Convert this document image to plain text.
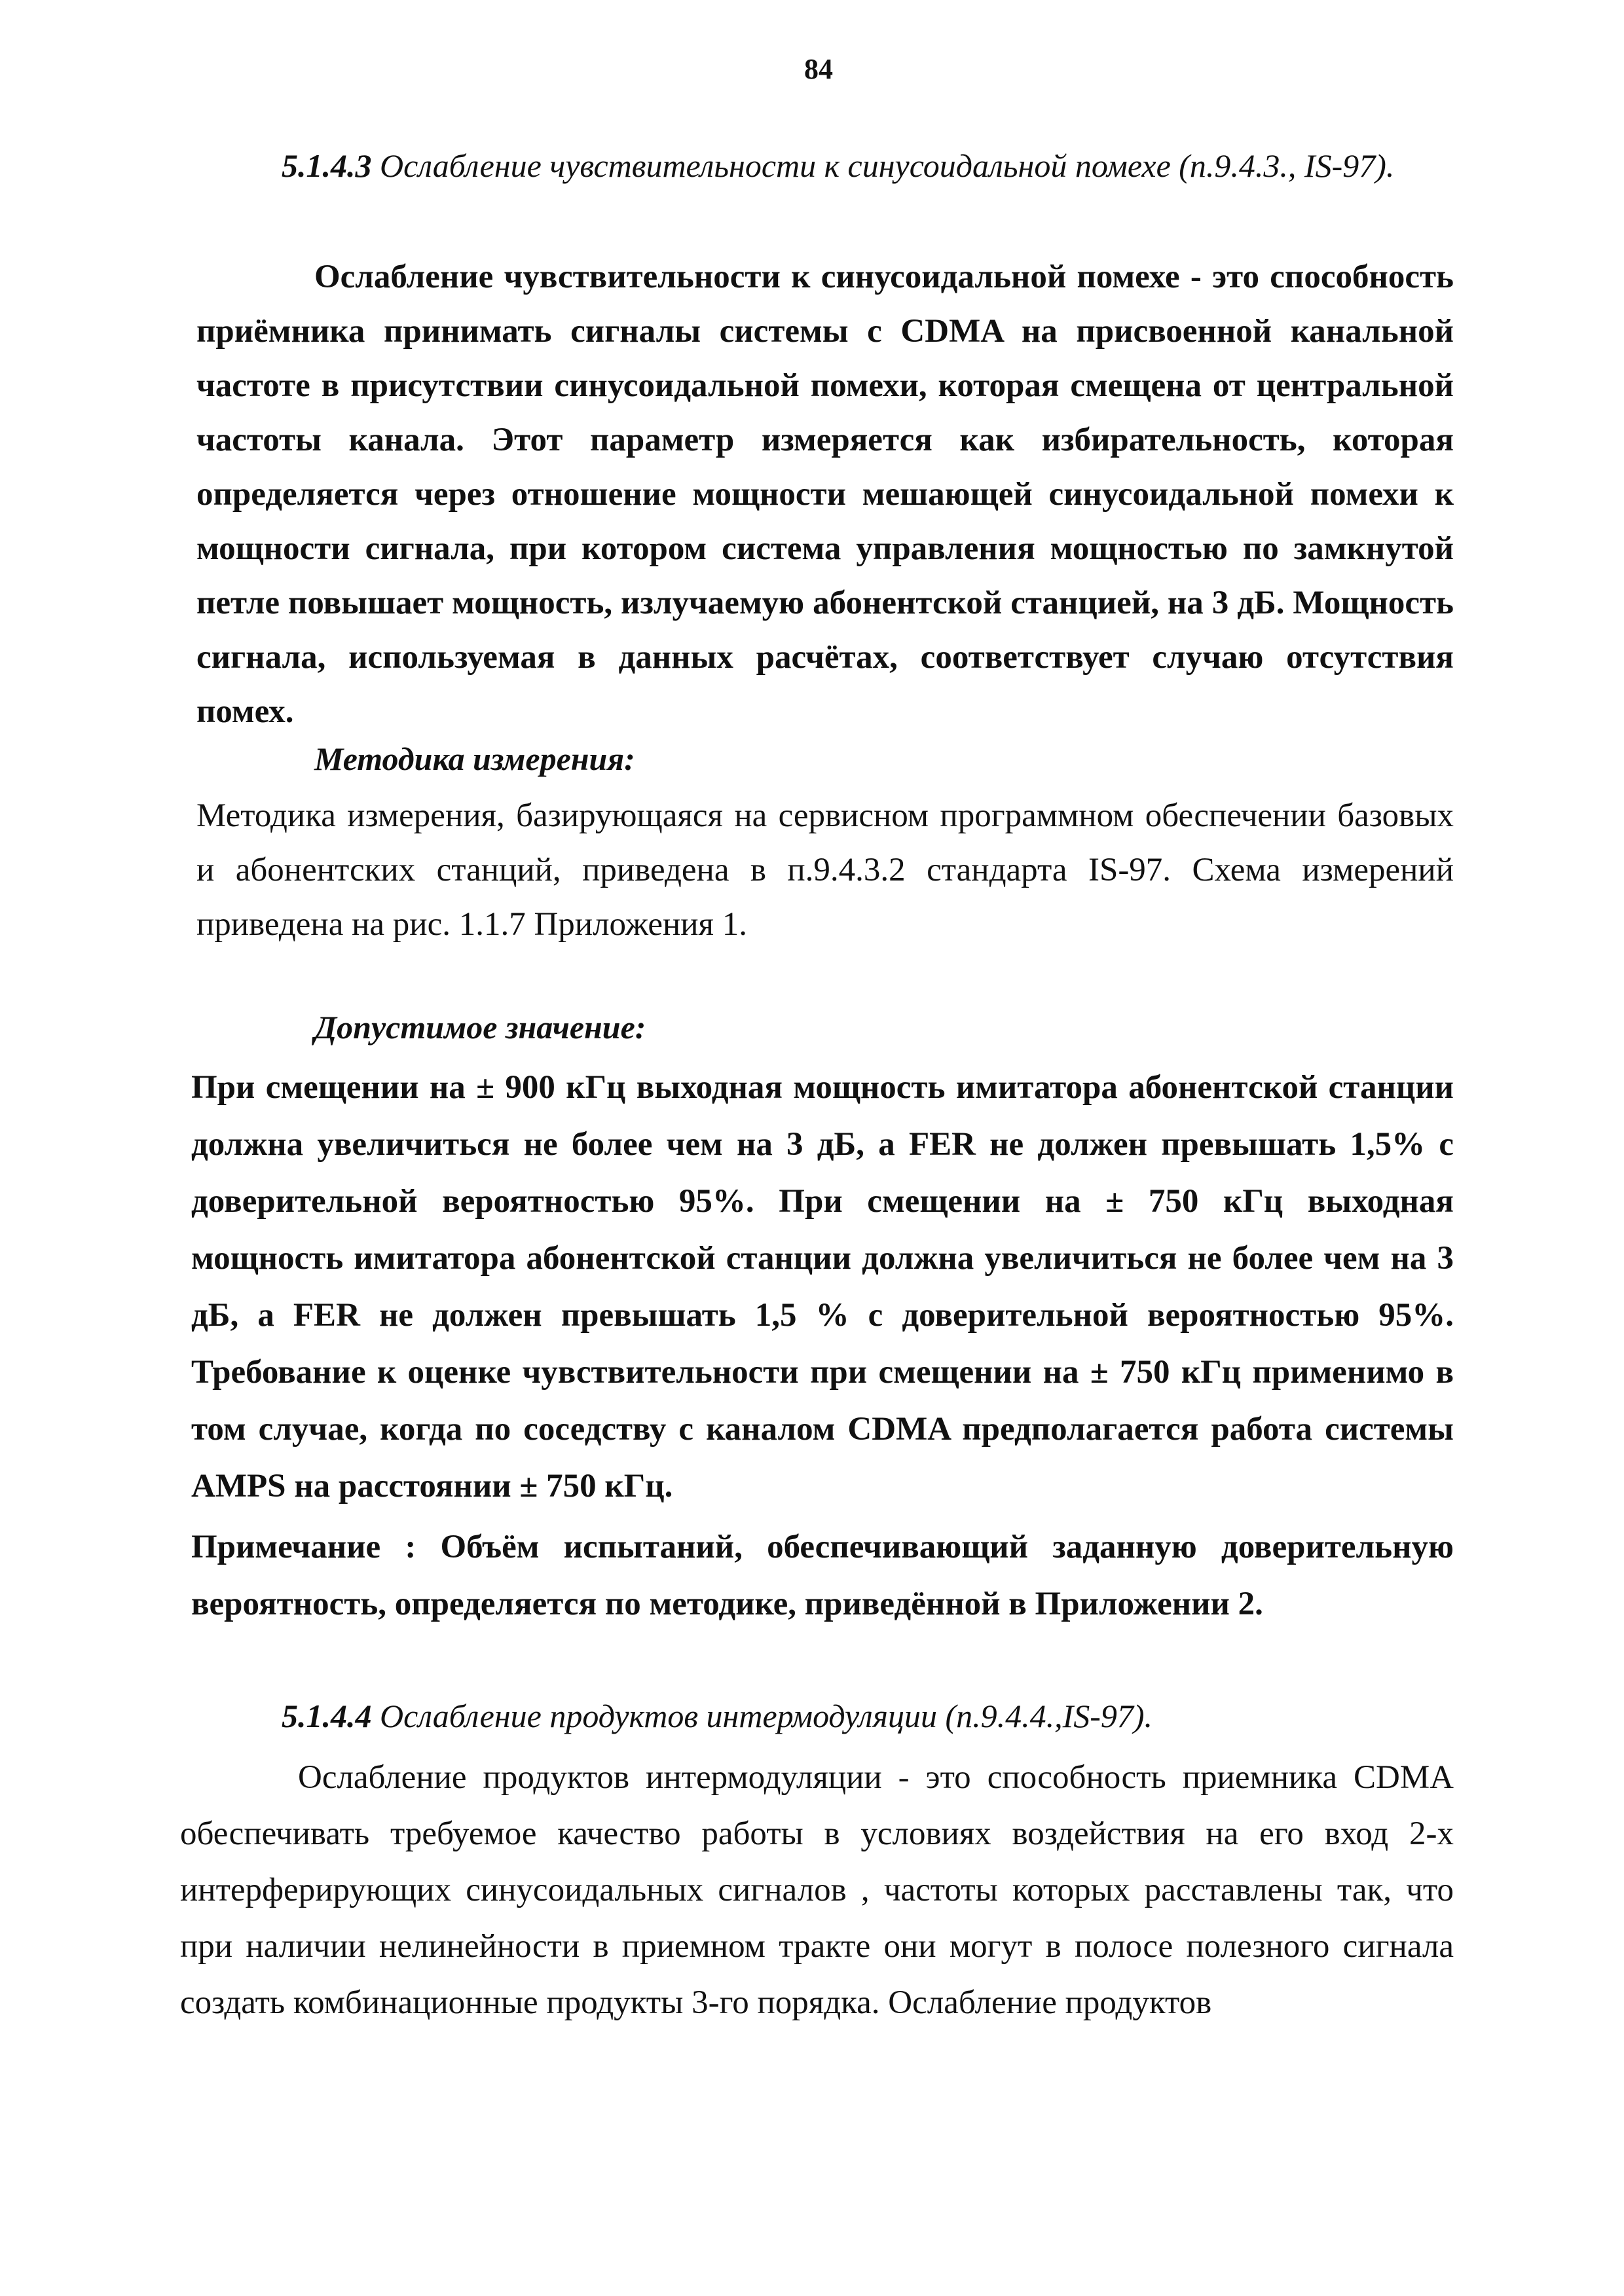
84
5.1.4.3 Ослабление чувствительности к синусоидальной помехе (п.9.4.3., IS-97).
Ослабление чувствительности к синусоидальной помехе - это способность приёмника принимать сигналы системы с CDMA на присвоенной канальной частоте в присутствии синусоидальной помехи, которая смещена от центральной частоты канала. Этот параметр измеряется как избирательность, которая определяется через отношение мощности мешающей синусоидальной помехи к мощности сигнала, при котором система управления мощностью по замкнутой петле повышает мощность, излучаемую абонентской станцией, на 3 дБ. Мощность сигнала, используемая в данных расчётах, соответствует случаю отсутствия помех.
Методика измерения:
Методика измерения, базирующаяся на сервисном программном обеспечении базовых и абонентских станций, приведена в п.9.4.3.2 стандарта IS-97. Схема измерений приведена на рис. 1.1.7 Приложения 1.
Допустимое значение:
При смещении на ± 900 кГц выходная мощность имитатора абонентской станции должна увеличиться не более чем на 3 дБ, а FER не должен превышать 1,5% с доверительной вероятностью 95%. При смещении на ± 750 кГц выходная мощность имитатора абонентской станции должна увеличиться не более чем на 3 дБ, а FER не должен превышать 1,5 % с доверительной вероятностью 95%. Требование к оценке чувствительности при смещении на ± 750 кГц применимо в том случае, когда по соседству с каналом CDMA предполагается работа системы AMPS на расстоянии ± 750 кГц.
Примечание : Объём испытаний, обеспечивающий заданную доверительную вероятность, определяется по методике, приведённой в Приложении 2.
5.1.4.4 Ослабление продуктов интермодуляции (п.9.4.4.,IS-97).
Ослабление продуктов интермодуляции - это способность приемника CDMA обеспечивать требуемое качество работы в условиях воздействия на его вход 2-х интерферирующих синусоидальных сигналов , частоты которых расставлены так, что при наличии нелинейности в приемном тракте они могут в полосе полезного сигнала создать комбинационные продукты 3-го порядка. Ослабление продуктов
